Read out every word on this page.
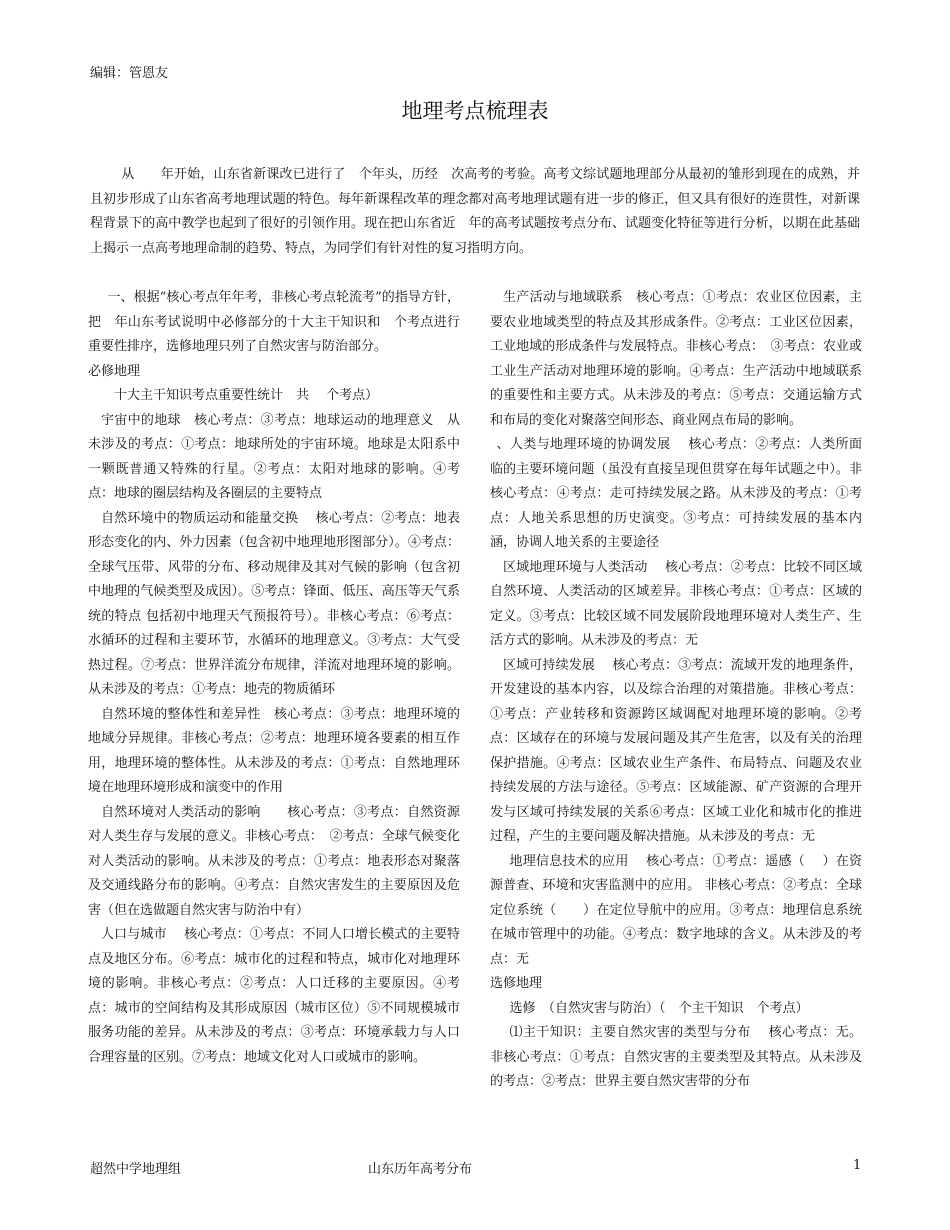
编辑：管恩友
地理考点梳理表

从　　年开始，山东省新课改已进行了　个年头，历经　次高考的考验。高考文综试题地理部分从最初的雏形到现在的成熟，并且初步形成了山东省高考地理试题的特色。每年新课程改革的理念都对高考地理试题有进一步的修正，但又具有很好的连贯性，对新课程背景下的高中教学也起到了很好的引领作用。现在把山东省近　年的高考试题按考点分布、试题变化特征等进行分析，以期在此基础上揭示一点高考地理命制的趋势、特点，为同学们有针对性的复习指明方向。

一、根据“核心考点年年考，非核心考点轮流考”的指导方针，把　年山东考试说明中必修部分的十大主干知识和　个考点进行重要性排序，选修地理只列了自然灾害与防治部分。

必修地理

十大主干知识考点重要性统计　共　 个考点）

宇宙中的地球　核心考点：③考点：地球运动的地理意义　从未涉及的考点：①考点：地球所处的宇宙环境。地球是太阳系中一颗既普通又特殊的行星。②考点：太阳对地球的影响。④考点：地球的圈层结构及各圈层的主要特点

自然环境中的物质运动和能量交换　 核心考点：②考点：地表形态变化的内、外力因素（包含初中地理地形图部分）。④考点：全球气压带、风带的分布、移动规律及其对气候的影响（包含初中地理的气候类型及成因）。⑤考点：锋面、低压、高压等天气系统的特点 包括初中地理天气预报符号）。非核心考点：⑥考点：水循环的过程和主要环节，水循环的地理意义。③考点：大气受热过程。⑦考点：世界洋流分布规律，洋流对地理环境的影响。从未涉及的考点：①考点：地壳的物质循环

自然环境的整体性和差异性　核心考点：③考点：地理环境的地域分异规律。非核心考点：②考点：地理环境各要素的相互作用，地理环境的整体性。从未涉及的考点：①考点：自然地理环境在地理环境形成和演变中的作用

自然环境对人类活动的影响　　核心考点：③考点：自然资源对人类生存与发展的意义。非核心考点：　②考点：全球气候变化对人类活动的影响。从未涉及的考点：①考点：地表形态对聚落及交通线路分布的影响。④考点：自然灾害发生的主要原因及危害（但在选做题自然灾害与防治中有）

人口与城市　 核心考点：①考点：不同人口增长模式的主要特点及地区分布。⑥考点：城市化的过程和特点，城市化对地理环境的影响。非核心考点：②考点：人口迁移的主要原因。④考点：城市的空间结构及其形成原因（城市区位）⑤不同规模城市服务功能的差异。从未涉及的考点：③考点：环境承载力与人口合理容量的区别。⑦考点：地域文化对人口或城市的影响。

生产活动与地域联系　核心考点：①考点：农业区位因素，主要农业地域类型的特点及其形成条件。②考点：工业区位因素，工业地域的形成条件与发展特点。非核心考点：　③考点：农业或工业生产活动对地理环境的影响。④考点：生产活动中地域联系的重要性和主要方式。从未涉及的考点：⑤考点：交通运输方式和布局的变化对聚落空间形态、商业网点布局的影响。

、人类与地理环境的协调发展　 核心考点：②考点：人类所面临的主要环境问题（虽没有直接呈现但贯穿在每年试题之中）。非核心考点：④考点：走可持续发展之路。从未涉及的考点：①考点：人地关系思想的历史演变。③考点：可持续发展的基本内涵，协调人地关系的主要途径

区域地理环境与人类活动　 核心考点：②考点：比较不同区域自然环境、人类活动的区域差异。非核心考点：①考点：区域的定义。③考点：比较区域不同发展阶段地理环境对人类生产、生活方式的影响。从未涉及的考点：无

区域可持续发展　 核心考点：③考点：流域开发的地理条件，开发建设的基本内容，以及综合治理的对策措施。非核心考点：①考点：产业转移和资源跨区域调配对地理环境的影响。②考点：区域存在的环境与发展问题及其产生危害，以及有关的治理保护措施。④考点：区域农业生产条件、布局特点、问题及农业持续发展的方法与途径。⑤考点：区域能源、矿产资源的合理开发与区域可持续发展的关系⑥考点：区域工业化和城市化的推进过程，产生的主要问题及解决措施。从未涉及的考点：无

地理信息技术的应用　 核心考点：①考点：遥感（　 ）在资源普查、环境和灾害监测中的应用。 非核心考点：②考点：全球定位系统（　　）在定位导航中的应用。③考点：地理信息系统　　　在城市管理中的功能。④考点：数字地球的含义。从未涉及的考点：无

选修地理

选修　（自然灾害与防治）（　个主干知识　个考点）

⑴主干知识：主要自然灾害的类型与分布　 核心考点：无。非核心考点：①考点：自然灾害的主要类型及其特点。从未涉及的考点：②考点：世界主要自然灾害带的分布

超然中学地理组	山东历年高考分布	1
